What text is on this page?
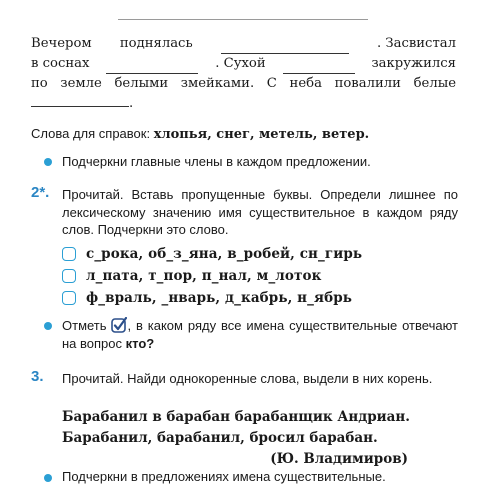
Вечером поднялась	. Засвистал
в соснах	. Сухой	закружился
по земле белыми змейками. С неба повалили белые
.
Слова для справок: хлопья, снег, метель, ветер.
Подчеркни главные члены в каждом предложении.
2*. Прочитай. Вставь пропущенные буквы. Определи лишнее по лексическому значению имя существительное в каждом ряду слов. Подчеркни это слово.
с_рока, об_з_яна, в_робей, сн_гирь
л_пата, т_пор, п_нал, м_лоток
ф_враль, _нварь, д_кабрь, н_ябрь
Отметь , в каком ряду все имена существительные отвечают на вопрос кто?
3. Прочитай. Найди однокоренные слова, выдели в них корень.
Барабанил в барабан барабанщик Андриан.
Барабанил, барабанил, бросил барабан.
(Ю. Владимиров)
Подчеркни в предложениях имена существительные.
